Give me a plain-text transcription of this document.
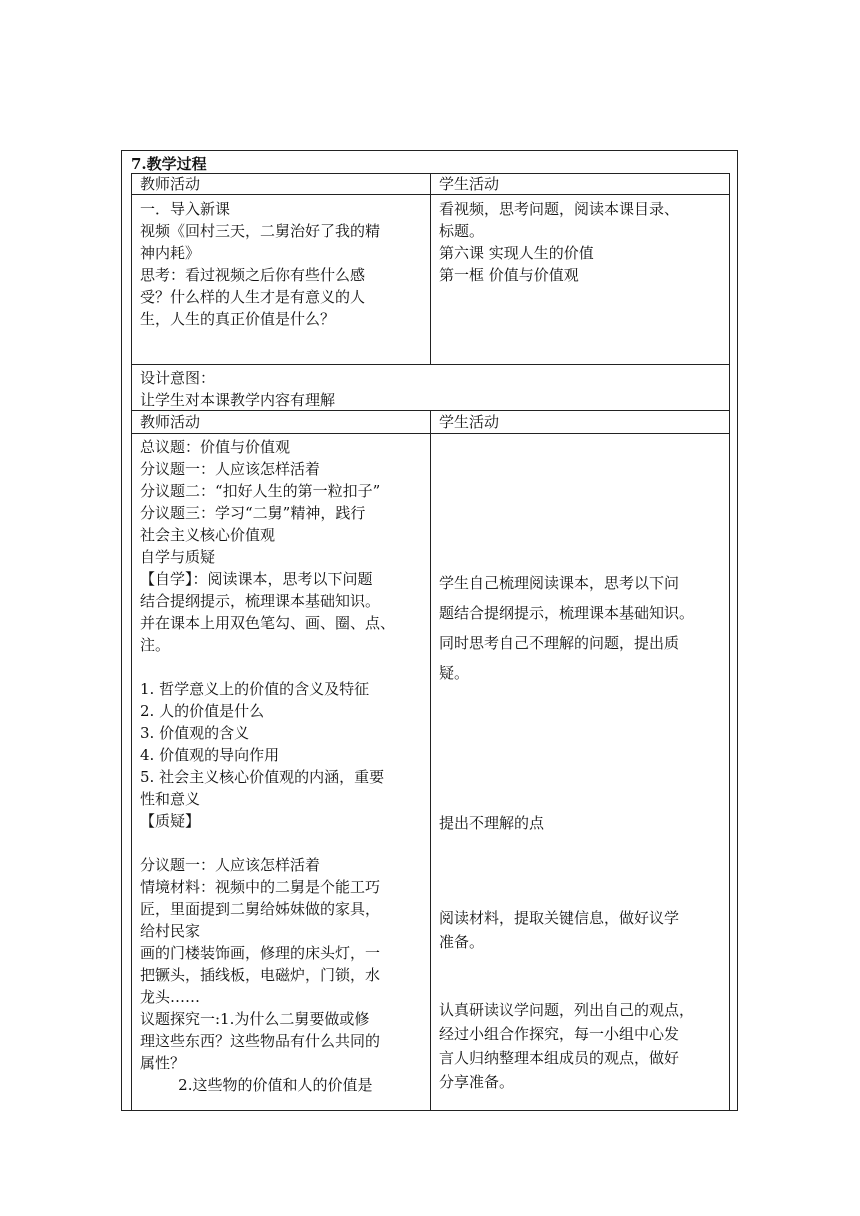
7.教学过程
教师活动	学生活动
一．导入新课
视频《回村三天，二舅治好了我的精
神内耗》
思考：看过视频之后你有些什么感
受？什么样的人生才是有意义的人
生，人生的真正价值是什么？
看视频，思考问题，阅读本课目录、
标题。
第六课 实现人生的价值
第一框 价值与价值观
设计意图：
让学生对本课教学内容有理解
教师活动	学生活动
总议题：价值与价值观
分议题一：人应该怎样活着
分议题二：“扣好人生的第一粒扣子”
分议题三：学习“二舅”精神，践行
社会主义核心价值观
自学与质疑
【自学】：阅读课本，思考以下问题
结合提纲提示，梳理课本基础知识。
并在课本上用双色笔勾、画、圈、点、
注。
1. 哲学意义上的价值的含义及特征
2. 人的价值是什么
3. 价值观的含义
4. 价值观的导向作用
5. 社会主义核心价值观的内涵，重要
性和意义
【质疑】
分议题一：人应该怎样活着
情境材料：视频中的二舅是个能工巧
匠，里面提到二舅给姊妹做的家具，
给村民家
画的门楼装饰画，修理的床头灯，一
把镢头，插线板，电磁炉，门锁，水
龙头……
议题探究一:1.为什么二舅要做或修
理这些东西？这些物品有什么共同的
属性？
2.这些物的价值和人的价值是
学生自己梳理阅读课本，思考以下问
题结合提纲提示，梳理课本基础知识。
同时思考自己不理解的问题，提出质
疑。
提出不理解的点
阅读材料，提取关键信息，做好议学
准备。
认真研读议学问题，列出自己的观点，
经过小组合作探究，每一小组中心发
言人归纳整理本组成员的观点，做好
分享准备。
